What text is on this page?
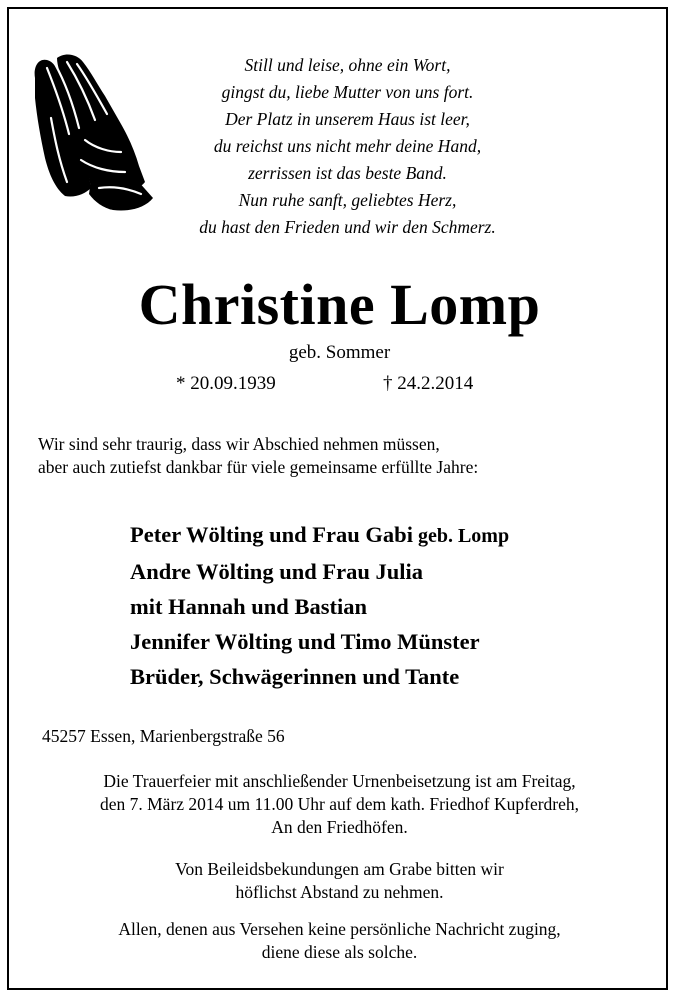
Still und leise, ohne ein Wort,
gingst du, liebe Mutter von uns fort.
Der Platz in unserem Haus ist leer,
du reichst uns nicht mehr deine Hand,
zerrissen ist das beste Band.
Nun ruhe sanft, geliebtes Herz,
du hast den Frieden und wir den Schmerz.
Christine Lomp
geb. Sommer
* 20.09.1939	† 24.2.2014
Wir sind sehr traurig, dass wir Abschied nehmen müssen,
aber auch zutiefst dankbar für viele gemeinsame erfüllte Jahre:
Peter Wölting und Frau Gabi geb. Lomp
Andre Wölting und Frau Julia
mit Hannah und Bastian
Jennifer Wölting und Timo Münster
Brüder, Schwägerinnen und Tante
45257 Essen, Marienbergstraße 56
Die Trauerfeier mit anschließender Urnenbeisetzung ist am Freitag,
den 7. März 2014 um 11.00 Uhr auf dem kath. Friedhof Kupferdreh,
An den Friedhöfen.
Von Beileidsbekundungen am Grabe bitten wir
höflichst Abstand zu nehmen.
Allen, denen aus Versehen keine persönliche Nachricht zuging,
diene diese als solche.
